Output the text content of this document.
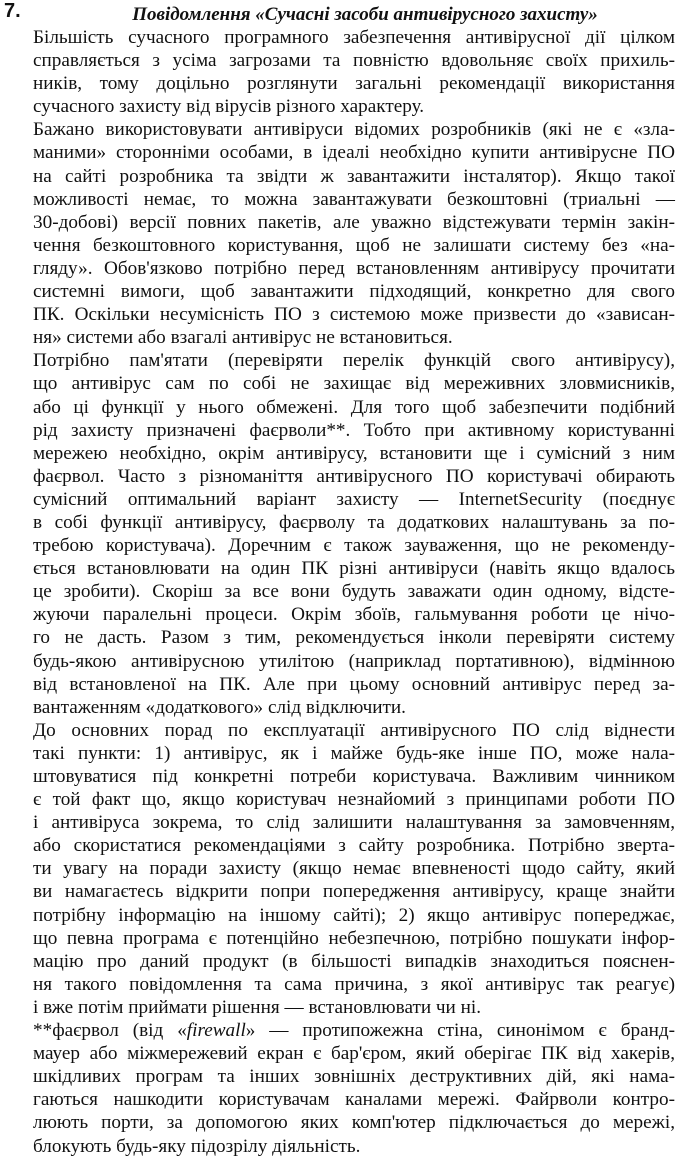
7.	Повідомлення «Сучасні засоби антивірусного захисту»
Більшість сучасного програмного забезпечення антивірусної дії цілком
справляється з усіма загрозами та повністю вдовольняє своїх прихиль-
ників, тому доцільно розглянути загальні рекомендації використання
сучасного захисту від вірусів різного характеру.
Бажано використовувати антивіруси відомих розробників (які не є «зла-
маними» сторонніми особами, в ідеалі необхідно купити антивірусне ПО
на сайті розробника та звідти ж завантажити інсталятор). Якщо такої
можливості немає, то можна завантажувати безкоштовні (триальні —
30-добові) версії повних пакетів, але уважно відстежувати термін закін-
чення безкоштовного користування, щоб не залишати систему без «на-
гляду». Обов'язково потрібно перед встановленням антивірусу прочитати
системні вимоги, щоб завантажити підходящий, конкретно для свого
ПК. Оскільки несумісність ПО з системою може призвести до «зависан-
ня» системи або взагалі антивірус не встановиться.
Потрібно пам'ятати (перевіряти перелік функцій свого антивірусу),
що антивірус сам по собі не захищає від мереживних зловмисників,
або ці функції у нього обмежені. Для того щоб забезпечити подібний
рід захисту призначені фаєрволи**. Тобто при активному користуванні
мережею необхідно, окрім антивірусу, встановити ще і сумісний з ним
фаєрвол. Часто з різноманіття антивірусного ПО користувачі обирають
сумісний оптимальний варіант захисту — InternetSecurity (поєднує
в собі функції антивірусу, фаєрволу та додаткових налаштувань за по-
требою користувача). Доречним є також зауваження, що не рекоменду-
ється встановлювати на один ПК різні антивіруси (навіть якщо вдалось
це зробити). Скоріш за все вони будуть заважати один одному, відсте-
жуючи паралельні процеси. Окрім збоїв, гальмування роботи це нічо-
го не дасть. Разом з тим, рекомендується інколи перевіряти систему
будь-якою антивірусною утилітою (наприклад портативною), відмінною
від встановленої на ПК. Але при цьому основний антивірус перед за-
вантаженням «додаткового» слід відключити.
До основних порад по експлуатації антивірусного ПО слід віднести
такі пункти: 1) антивірус, як і майже будь-яке інше ПО, може нала-
штовуватися під конкретні потреби користувача. Важливим чинником
є той факт що, якщо користувач незнайомий з принципами роботи ПО
і антивіруса зокрема, то слід залишити налаштування за замовченням,
або скористатися рекомендаціями з сайту розробника. Потрібно зверта-
ти увагу на поради захисту (якщо немає впевненості щодо сайту, який
ви намагаєтесь відкрити попри попередження антивірусу, краще знайти
потрібну інформацію на іншому сайті); 2) якщо антивірус попереджає,
що певна програма є потенційно небезпечною, потрібно пошукати інфор-
мацію про даний продукт (в більшості випадків знаходиться пояснен-
ня такого повідомлення та сама причина, з якої антивірус так реагує)
і вже потім приймати рішення — встановлювати чи ні.
**фаєрвол (від «firewall» — протипожежна стіна, синонімом є бранд-
мауер або міжмережевий екран є бар'єром, який оберігає ПК від хакерів,
шкідливих програм та інших зовнішніх деструктивних дій, які нама-
гаються нашкодити користувачам каналами мережі. Файрволи контро-
люють порти, за допомогою яких комп'ютер підключається до мережі,
блокують будь-яку підозрілу діяльність.
